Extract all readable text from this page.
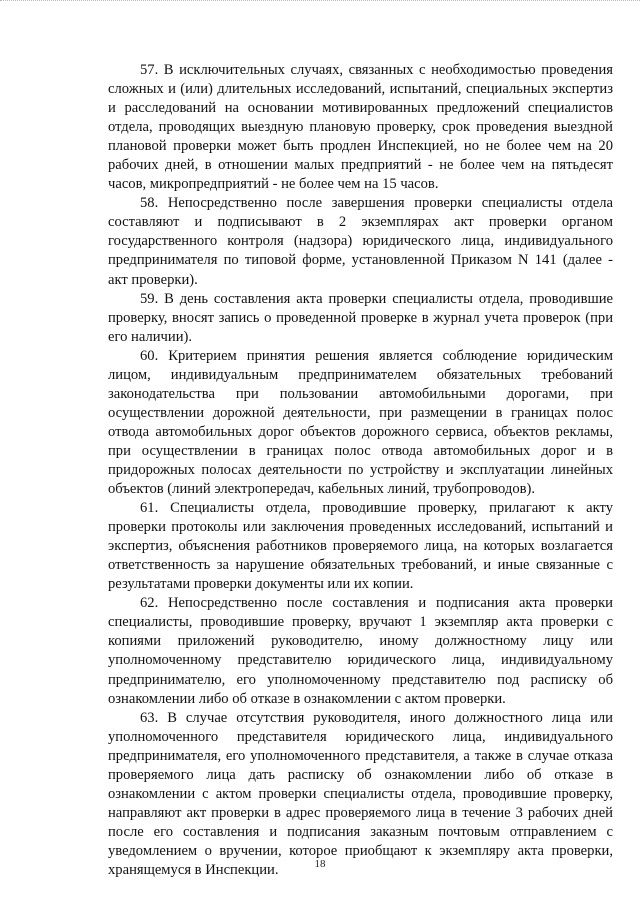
57. В исключительных случаях, связанных с необходимостью проведения сложных и (или) длительных исследований, испытаний, специальных экспертиз и расследований на основании мотивированных предложений специалистов отдела, проводящих выездную плановую проверку, срок проведения выездной плановой проверки может быть продлен Инспекцией, но не более чем на 20 рабочих дней, в отношении малых предприятий - не более чем на пятьдесят часов, микропредприятий - не более чем на 15 часов.

58. Непосредственно после завершения проверки специалисты отдела составляют и подписывают в 2 экземплярах акт проверки органом государственного контроля (надзора) юридического лица, индивидуального предпринимателя по типовой форме, установленной Приказом N 141 (далее - акт проверки).

59. В день составления акта проверки специалисты отдела, проводившие проверку, вносят запись о проведенной проверке в журнал учета проверок (при его наличии).

60. Критерием принятия решения является соблюдение юридическим лицом, индивидуальным предпринимателем обязательных требований законодательства при пользовании автомобильными дорогами, при осуществлении дорожной деятельности, при размещении в границах полос отвода автомобильных дорог объектов дорожного сервиса, объектов рекламы, при осуществлении в границах полос отвода автомобильных дорог и в придорожных полосах деятельности по устройству и эксплуатации линейных объектов (линий электропередач, кабельных линий, трубопроводов).

61. Специалисты отдела, проводившие проверку, прилагают к акту проверки протоколы или заключения проведенных исследований, испытаний и экспертиз, объяснения работников проверяемого лица, на которых возлагается ответственность за нарушение обязательных требований, и иные связанные с результатами проверки документы или их копии.

62. Непосредственно после составления и подписания акта проверки специалисты, проводившие проверку, вручают 1 экземпляр акта проверки с копиями приложений руководителю, иному должностному лицу или уполномоченному представителю юридического лица, индивидуальному предпринимателю, его уполномоченному представителю под расписку об ознакомлении либо об отказе в ознакомлении с актом проверки.

63. В случае отсутствия руководителя, иного должностного лица или уполномоченного представителя юридического лица, индивидуального предпринимателя, его уполномоченного представителя, а также в случае отказа проверяемого лица дать расписку об ознакомлении либо об отказе в ознакомлении с актом проверки специалисты отдела, проводившие проверку, направляют акт проверки в адрес проверяемого лица в течение 3 рабочих дней после его составления и подписания заказным почтовым отправлением с уведомлением о вручении, которое приобщают к экземпляру акта проверки, хранящемуся в Инспекции.	18
